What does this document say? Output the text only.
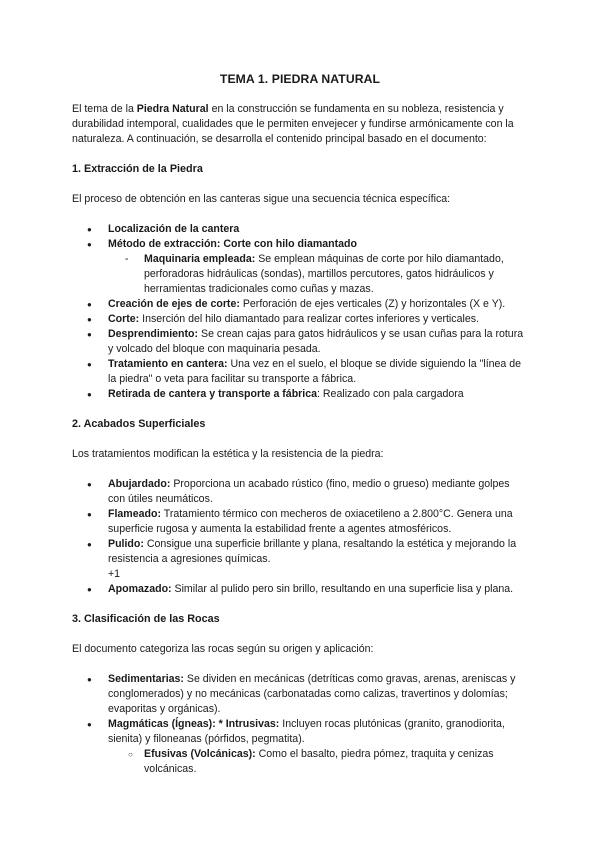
TEMA 1. PIEDRA NATURAL

El tema de la Piedra Natural en la construcción se fundamenta en su nobleza, resistencia y durabilidad intemporal, cualidades que le permiten envejecer y fundirse armónicamente con la naturaleza. A continuación, se desarrolla el contenido principal basado en el documento:

1. Extracción de la Piedra

El proceso de obtención en las canteras sigue una secuencia técnica específica:

● Localización de la cantera
● Método de extracción: Corte con hilo diamantado
- Maquinaria empleada: Se emplean máquinas de corte por hilo diamantado, perforadoras hidráulicas (sondas), martillos percutores, gatos hidráulicos y herramientas tradicionales como cuñas y mazas.
● Creación de ejes de corte: Perforación de ejes verticales (Z) y horizontales (X e Y).
● Corte: Inserción del hilo diamantado para realizar cortes inferiores y verticales.
● Desprendimiento: Se crean cajas para gatos hidráulicos y se usan cuñas para la rotura y volcado del bloque con maquinaria pesada.
● Tratamiento en cantera: Una vez en el suelo, el bloque se divide siguiendo la "línea de la piedra" o veta para facilitar su transporte a fábrica.
● Retirada de cantera y transporte a fábrica: Realizado con pala cargadora
2. Acabados Superficiales

Los tratamientos modifican la estética y la resistencia de la piedra:

● Abujardado: Proporciona un acabado rústico (fino, medio o grueso) mediante golpes con útiles neumáticos.
● Flameado: Tratamiento térmico con mecheros de oxiacetileno a 2.800°C. Genera una superficie rugosa y aumenta la estabilidad frente a agentes atmosféricos.
● Pulido: Consigue una superficie brillante y plana, resaltando la estética y mejorando la resistencia a agresiones químicas.
+1
● Apomazado: Similar al pulido pero sin brillo, resultando en una superficie lisa y plana.
3. Clasificación de las Rocas

El documento categoriza las rocas según su origen y aplicación:

● Sedimentarias: Se dividen en mecánicas (detríticas como gravas, arenas, areniscas y conglomerados) y no mecánicas (carbonatadas como calizas, travertinos y dolomías; evaporitas y orgánicas).
● Magmáticas (Ígneas): * Intrusivas: Incluyen rocas plutónicas (granito, granodiorita, sienita) y filoneanas (pórfidos, pegmatita).
○ Efusivas (Volcánicas): Como el basalto, piedra pómez, traquita y cenizas volcánicas.
